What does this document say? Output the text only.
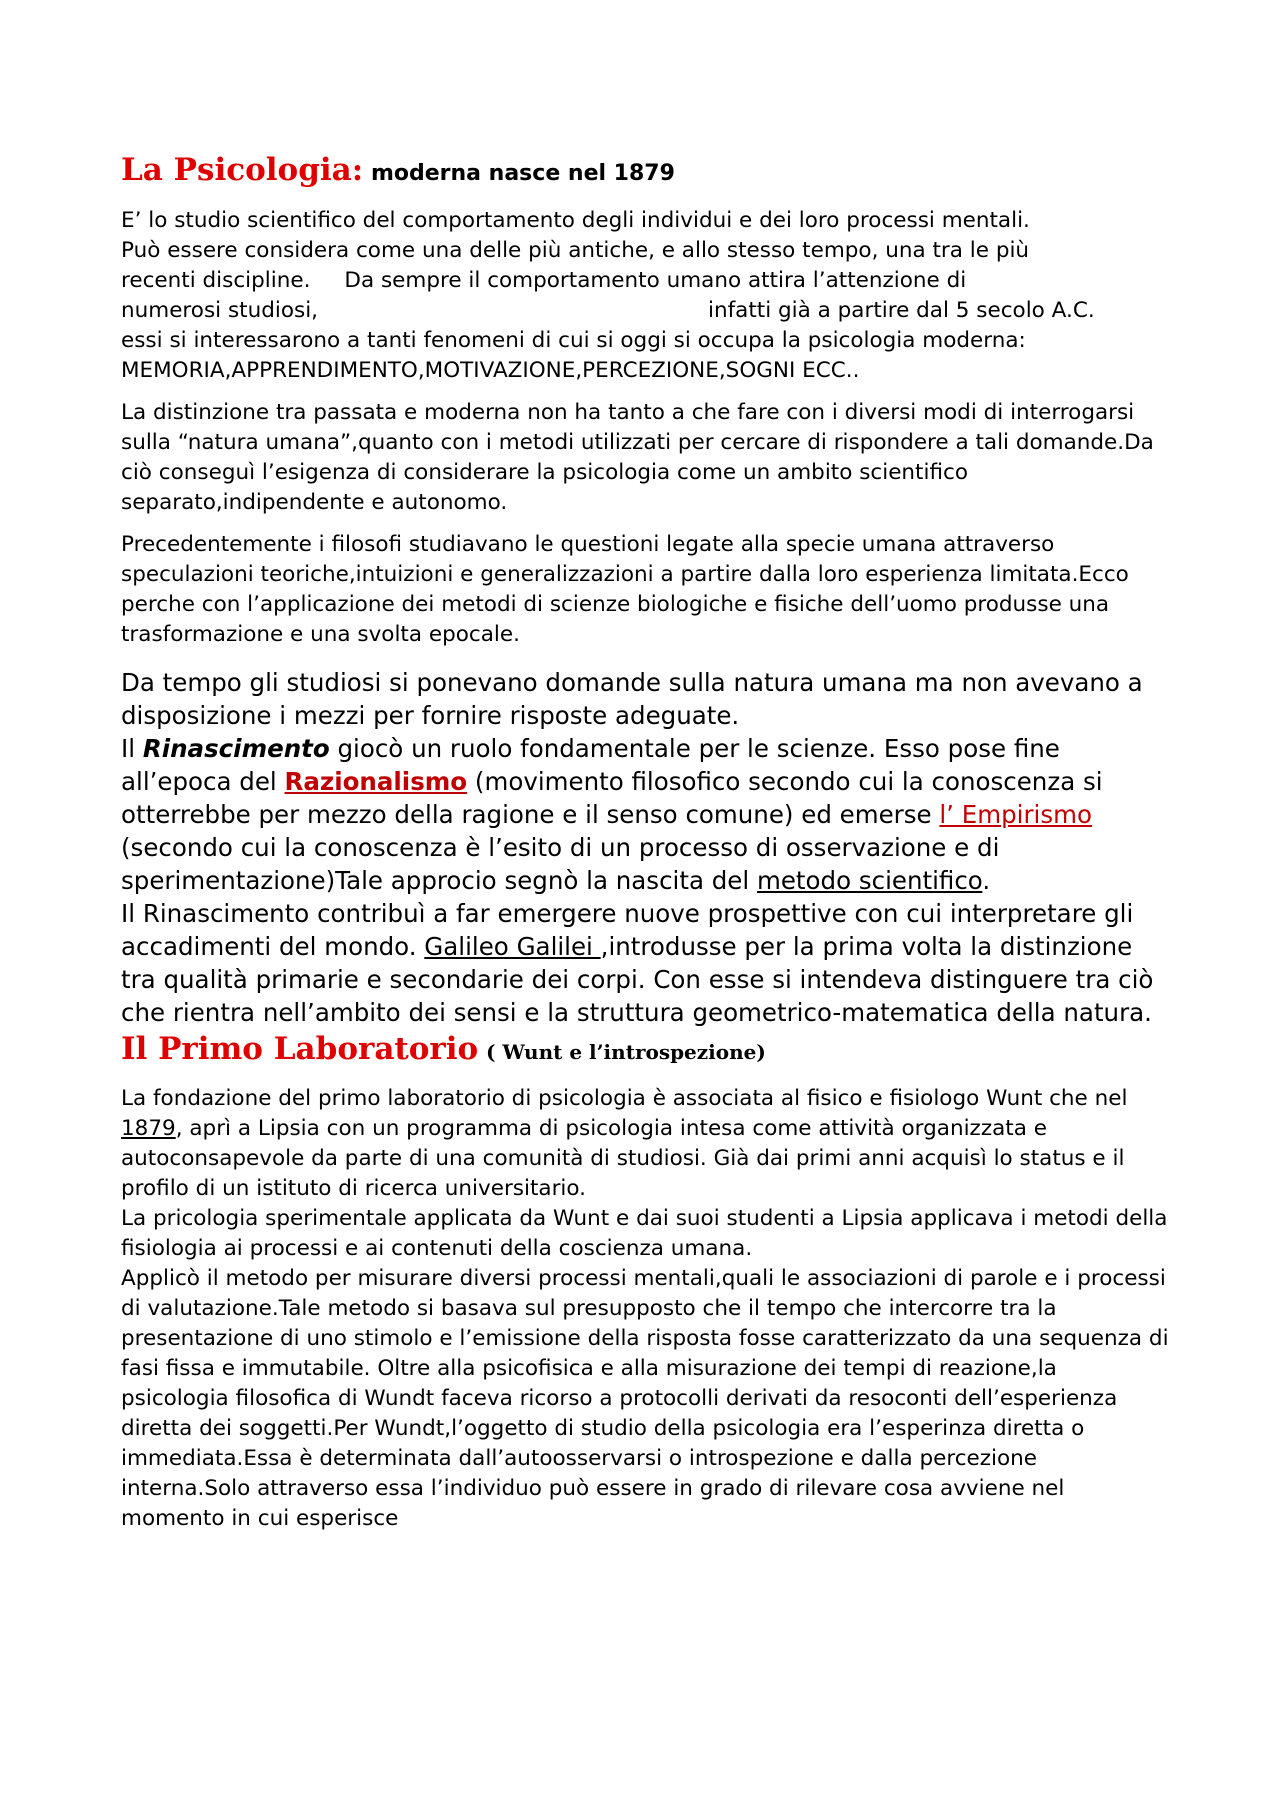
La Psicologia: moderna nasce nel 1879

E’ lo studio scientifico del comportamento degli individui e dei loro processi mentali.
Può essere considera come una delle più antiche, e allo stesso tempo, una tra le più
recenti discipline. Da sempre il comportamento umano attira l’attenzione di
numerosi studiosi,	infatti già a partire dal 5 secolo A.C.
essi si interessarono a tanti fenomeni di cui si oggi si occupa la psicologia moderna:
MEMORIA,APPRENDIMENTO,MOTIVAZIONE,PERCEZIONE,SOGNI ECC..

La distinzione tra passata e moderna non ha tanto a che fare con i diversi modi di interrogarsi sulla “natura umana”,quanto con i metodi utilizzati per cercare di rispondere a tali domande.Da ciò conseguì l’esigenza di considerare la psicologia come un ambito scientifico separato,indipendente e autonomo.

Precedentemente i filosofi studiavano le questioni legate alla specie umana attraverso speculazioni teoriche,intuizioni e generalizzazioni a partire dalla loro esperienza limitata.Ecco perche con l’applicazione dei metodi di scienze biologiche e fisiche dell’uomo produsse una trasformazione e una svolta epocale.

Da tempo gli studiosi si ponevano domande sulla natura umana ma non avevano a disposizione i mezzi per fornire risposte adeguate.
Il Rinascimento giocò un ruolo fondamentale per le scienze. Esso pose fine all’epoca del Razionalismo (movimento filosofico secondo cui la conoscenza si otterrebbe per mezzo della ragione e il senso comune) ed emerse l’ Empirismo (secondo cui la conoscenza è l’esito di un processo di osservazione e di sperimentazione)Tale approcio segnò la nascita del metodo scientifico.
Il Rinascimento contribuì a far emergere nuove prospettive con cui interpretare gli accadimenti del mondo. Galileo Galilei ,introdusse per la prima volta la distinzione tra qualità primarie e secondarie dei corpi. Con esse si intendeva distinguere tra ciò che rientra nell’ambito dei sensi e la struttura geometrico-matematica della natura.

Il Primo Laboratorio ( Wunt e l’introspezione)

La fondazione del primo laboratorio di psicologia è associata al fisico e fisiologo Wunt che nel 1879, aprì a Lipsia con un programma di psicologia intesa come attività organizzata e autoconsapevole da parte di una comunità di studiosi. Già dai primi anni acquisì lo status e il profilo di un istituto di ricerca universitario.
La pricologia sperimentale applicata da Wunt e dai suoi studenti a Lipsia applicava i metodi della fisiologia ai processi e ai contenuti della coscienza umana.
Applicò il metodo per misurare diversi processi mentali,quali le associazioni di parole e i processi di valutazione.Tale metodo si basava sul presupposto che il tempo che intercorre tra la presentazione di uno stimolo e l’emissione della risposta fosse caratterizzato da una sequenza di fasi fissa e immutabile. Oltre alla psicofisica e alla misurazione dei tempi di reazione,la psicologia filosofica di Wundt faceva ricorso a protocolli derivati da resoconti dell’esperienza diretta dei soggetti.Per Wundt,l’oggetto di studio della psicologia era l’esperinza diretta o immediata.Essa è determinata dall’autoosservarsi o introspezione e dalla percezione interna.Solo attraverso essa l’individuo può essere in grado di rilevare cosa avviene nel momento in cui esperisce
